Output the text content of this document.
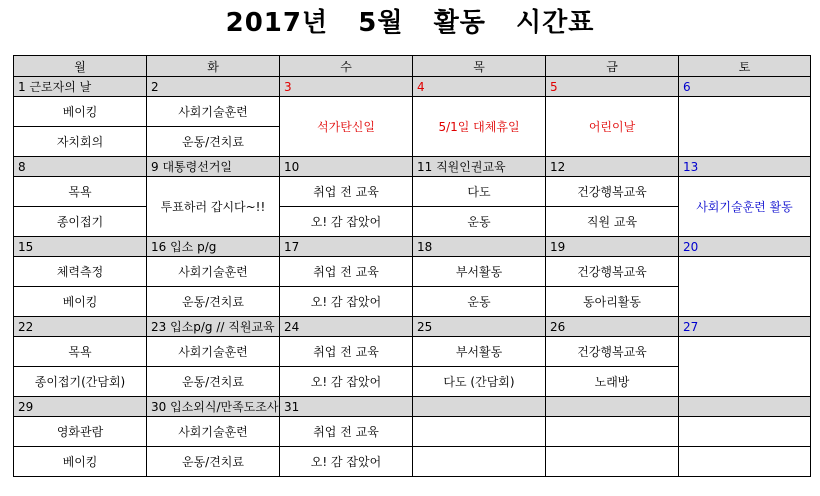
2017년   5월   활동   시간표
월	화	수	목	금	토
1 근로자의 날	2	3	4	5	6
베이킹	사회기술훈련	석가탄신일	5/1일 대체휴일	어린이날	
자치회의	운동/견치료				
8	9 대통령선거일	10	11 직원인권교육	12	13
목욕	투표하러 갑시다~!!	취업 전 교육	다도	건강행복교육	사회기술훈련 활동
종이접기		오! 감 잡았어	운동	직원 교육	
15	16 입소 p/g	17	18	19	20
체력측정	사회기술훈련	취업 전 교육	부서활동	건강행복교육	
베이킹	운동/견치료	오! 감 잡았어	운동	동아리활동	
22	23 입소p/g // 직원교육	24	25	26	27
목욕	사회기술훈련	취업 전 교육	부서활동	건강행복교육	
종이접기(간담회)	운동/견치료	오! 감 잡았어	다도 (간담회)	노래방	
29	30 입소외식/만족도조사	31			
영화관람	사회기술훈련	취업 전 교육			
베이킹	운동/견치료	오! 감 잡았어			
